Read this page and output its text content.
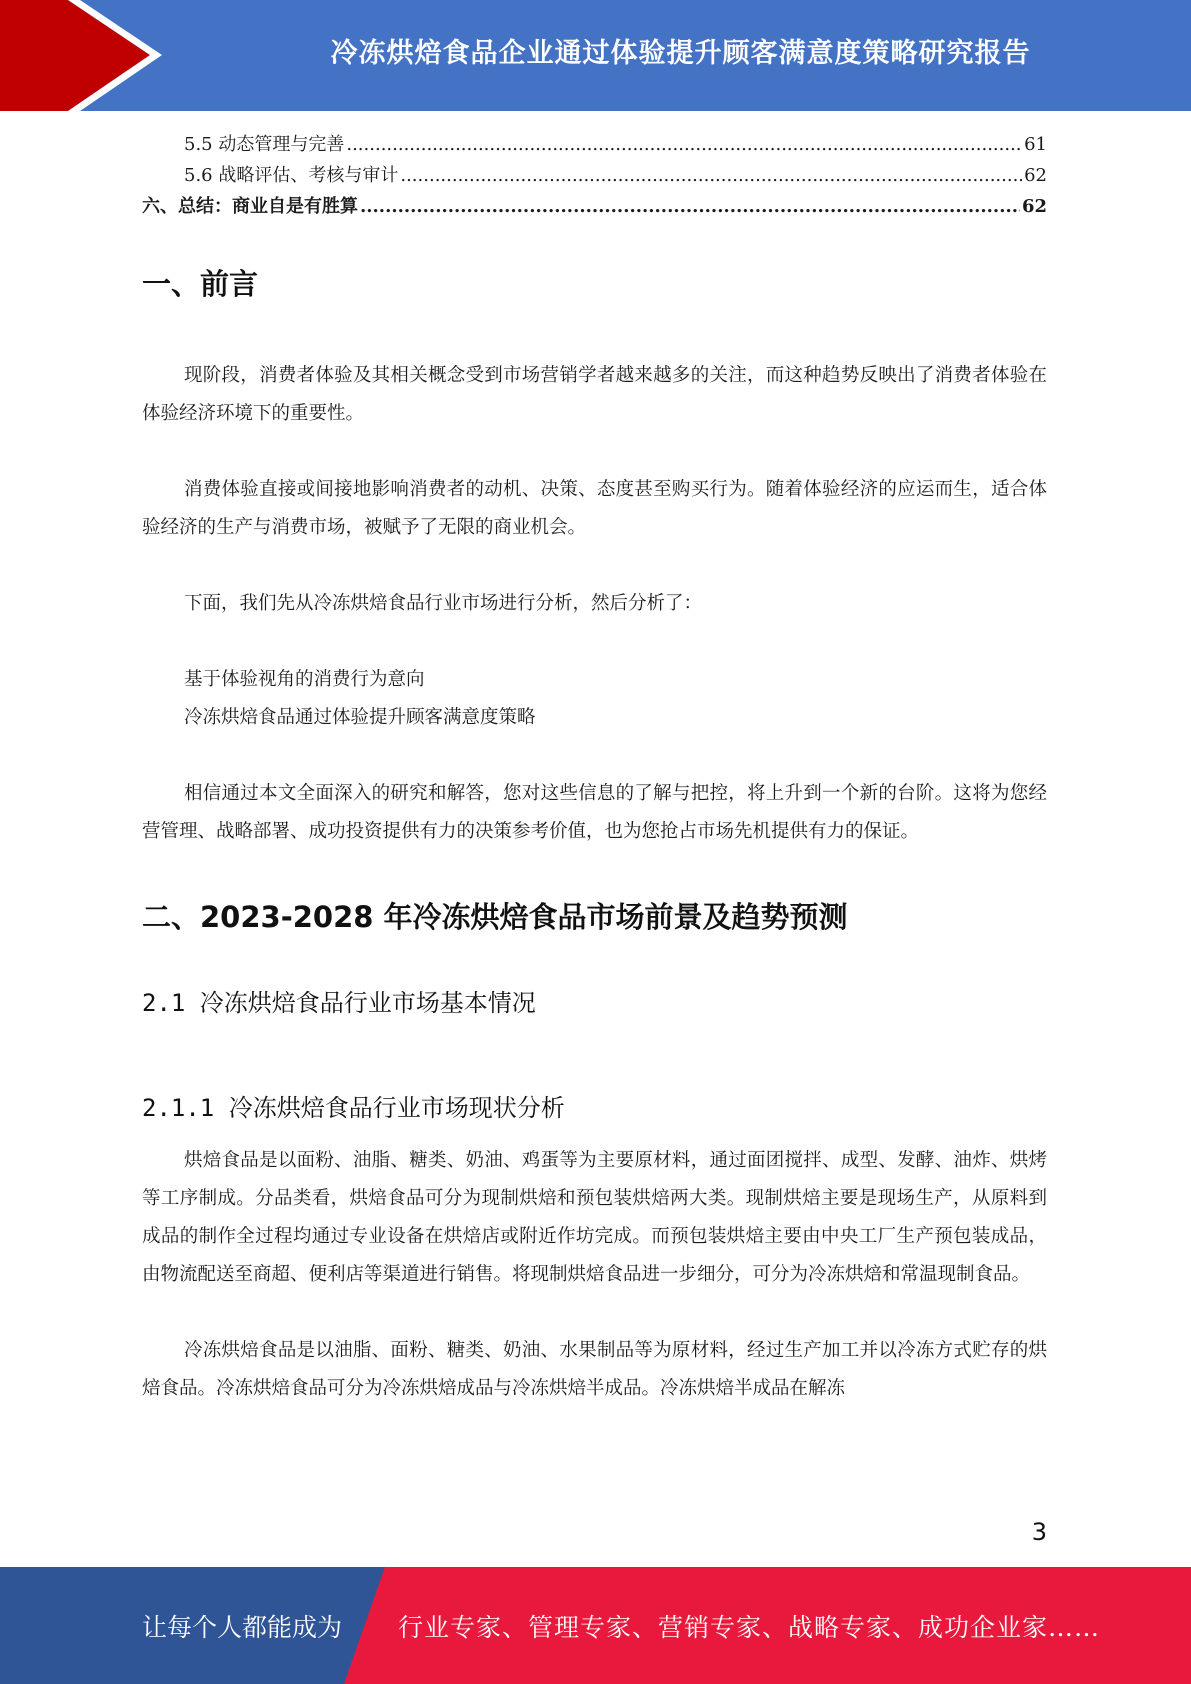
冷冻烘焙食品企业通过体验提升顾客满意度策略研究报告
5.5 动态管理与完善 .....	61
5.6 战略评估、考核与审计 .....	62
六、总结：商业自是有胜算 .....	62
一、前言

现阶段，消费者体验及其相关概念受到市场营销学者越来越多的关注，而这种趋势反映出了消费者体验在体验经济环境下的重要性。

消费体验直接或间接地影响消费者的动机、决策、态度甚至购买行为。随着体验经济的应运而生，适合体验经济的生产与消费市场，被赋予了无限的商业机会。

下面，我们先从冷冻烘焙食品行业市场进行分析，然后分析了：

基于体验视角的消费行为意向

冷冻烘焙食品通过体验提升顾客满意度策略

相信通过本文全面深入的研究和解答，您对这些信息的了解与把控，将上升到一个新的台阶。这将为您经营管理、战略部署、成功投资提供有力的决策参考价值，也为您抢占市场先机提供有力的保证。

二、2023-2028 年冷冻烘焙食品市场前景及趋势预测
2.1 冷冻烘焙食品行业市场基本情况
2.1.1 冷冻烘焙食品行业市场现状分析

烘焙食品是以面粉、油脂、糖类、奶油、鸡蛋等为主要原材料，通过面团搅拌、成型、发酵、油炸、烘烤等工序制成。分品类看，烘焙食品可分为现制烘焙和预包装烘焙两大类。现制烘焙主要是现场生产，从原料到成品的制作全过程均通过专业设备在烘焙店或附近作坊完成。而预包装烘焙主要由中央工厂生产预包装成品，由物流配送至商超、便利店等渠道进行销售。将现制烘焙食品进一步细分，可分为冷冻烘焙和常温现制食品。

冷冻烘焙食品是以油脂、面粉、糖类、奶油、水果制品等为原材料，经过生产加工并以冷冻方式贮存的烘焙食品。冷冻烘焙食品可分为冷冻烘焙成品与冷冻烘焙半成品。冷冻烘焙半成品在解冻

3
让每个人都能成为 行业专家、管理专家、营销专家、战略专家、成功企业家……
